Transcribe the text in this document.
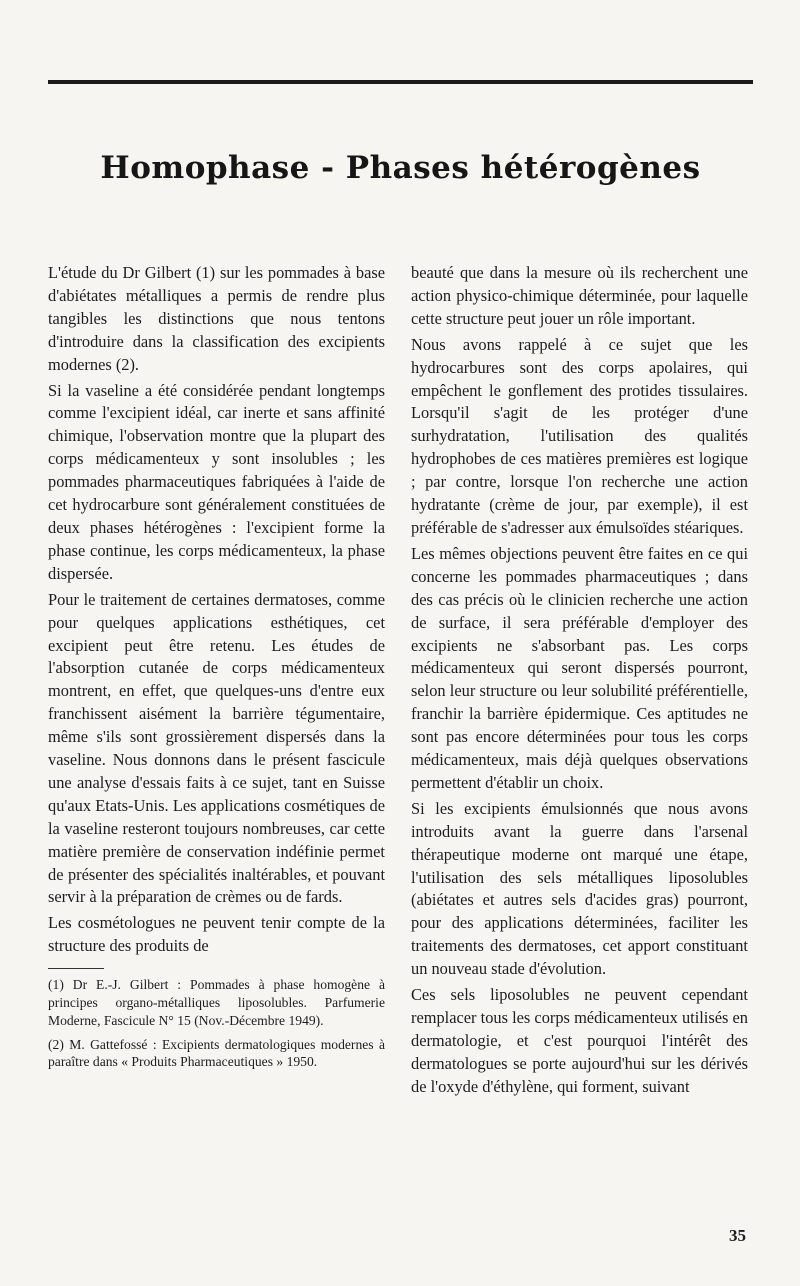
Homophase - Phases hétérogènes

L'étude du Dr Gilbert (1) sur les pommades à base d'abiétates métalliques a permis de rendre plus tangibles les distinctions que nous tentons d'introduire dans la classification des excipients modernes (2).

Si la vaseline a été considérée pendant longtemps comme l'excipient idéal, car inerte et sans affinité chimique, l'observation montre que la plupart des corps médicamenteux y sont insolubles ; les pommades pharmaceutiques fabriquées à l'aide de cet hydrocarbure sont généralement constituées de deux phases hétérogènes : l'excipient forme la phase continue, les corps médicamenteux, la phase dispersée.

Pour le traitement de certaines dermatoses, comme pour quelques applications esthétiques, cet excipient peut être retenu. Les études de l'absorption cutanée de corps médicamenteux montrent, en effet, que quelques-uns d'entre eux franchissent aisément la barrière tégumentaire, même s'ils sont grossièrement dispersés dans la vaseline. Nous donnons dans le présent fascicule une analyse d'essais faits à ce sujet, tant en Suisse qu'aux Etats-Unis. Les applications cosmétiques de la vaseline resteront toujours nombreuses, car cette matière première de conservation indéfinie permet de présenter des spécialités inaltérables, et pouvant servir à la préparation de crèmes ou de fards.

Les cosmétologues ne peuvent tenir compte de la structure des produits de

(1) Dr E.-J. Gilbert : Pommades à phase homogène à principes organo-métalliques liposolubles. Parfumerie Moderne, Fascicule N° 15 (Nov.-Décembre 1949).
(2) M. Gattefossé : Excipients dermatologiques modernes à paraître dans « Produits Pharmaceutiques » 1950.

beauté que dans la mesure où ils recherchent une action physico-chimique déterminée, pour laquelle cette structure peut jouer un rôle important.

Nous avons rappelé à ce sujet que les hydrocarbures sont des corps apolaires, qui empêchent le gonflement des protides tissulaires. Lorsqu'il s'agit de les protéger d'une surhydratation, l'utilisation des qualités hydrophobes de ces matières premières est logique ; par contre, lorsque l'on recherche une action hydratante (crème de jour, par exemple), il est préférable de s'adresser aux émulsoïdes stéariques.

Les mêmes objections peuvent être faites en ce qui concerne les pommades pharmaceutiques ; dans des cas précis où le clinicien recherche une action de surface, il sera préférable d'employer des excipients ne s'absorbant pas. Les corps médicamenteux qui seront dispersés pourront, selon leur structure ou leur solubilité préférentielle, franchir la barrière épidermique. Ces aptitudes ne sont pas encore déterminées pour tous les corps médicamenteux, mais déjà quelques observations permettent d'établir un choix.

Si les excipients émulsionnés que nous avons introduits avant la guerre dans l'arsenal thérapeutique moderne ont marqué une étape, l'utilisation des sels métalliques liposolubles (abiétates et autres sels d'acides gras) pourront, pour des applications déterminées, faciliter les traitements des dermatoses, cet apport constituant un nouveau stade d'évolution.

Ces sels liposolubles ne peuvent cependant remplacer tous les corps médicamenteux utilisés en dermatologie, et c'est pourquoi l'intérêt des dermatologues se porte aujourd'hui sur les dérivés de l'oxyde d'éthylène, qui forment, suivant

35
